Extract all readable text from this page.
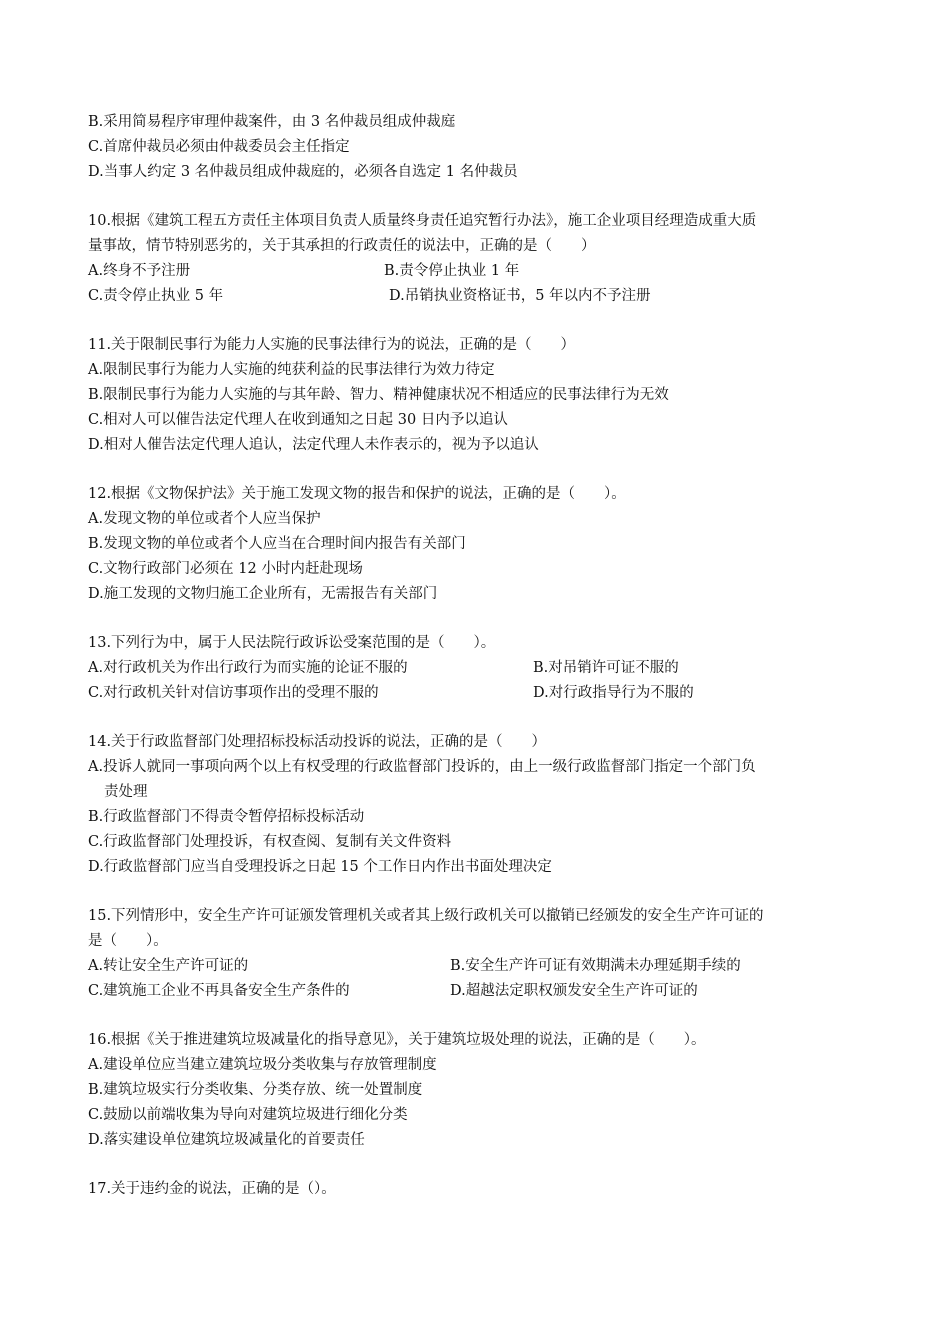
B.采用简易程序审理仲裁案件，由 3 名仲裁员组成仲裁庭
C.首席仲裁员必须由仲裁委员会主任指定
D.当事人约定 3 名仲裁员组成仲裁庭的，必须各自选定 1 名仲裁员
10.根据《建筑工程五方责任主体项目负责人质量终身责任追究暂行办法》，施工企业项目经理造成重大质
量事故，情节特别恶劣的，关于其承担的行政责任的说法中，正确的是（　　）
A.终身不予注册	B.责令停止执业 1 年
C.责令停止执业 5 年	D.吊销执业资格证书，5 年以内不予注册
11.关于限制民事行为能力人实施的民事法律行为的说法，正确的是（　　）
A.限制民事行为能力人实施的纯获利益的民事法律行为效力待定
B.限制民事行为能力人实施的与其年龄、智力、精神健康状况不相适应的民事法律行为无效
C.相对人可以催告法定代理人在收到通知之日起 30 日内予以追认
D.相对人催告法定代理人追认，法定代理人未作表示的，视为予以追认
12.根据《文物保护法》关于施工发现文物的报告和保护的说法，正确的是（　　）。
A.发现文物的单位或者个人应当保护
B.发现文物的单位或者个人应当在合理时间内报告有关部门
C.文物行政部门必须在 12 小时内赶赴现场
D.施工发现的文物归施工企业所有，无需报告有关部门
13.下列行为中，属于人民法院行政诉讼受案范围的是（　　）。
A.对行政机关为作出行政行为而实施的论证不服的	B.对吊销许可证不服的
C.对行政机关针对信访事项作出的受理不服的	D.对行政指导行为不服的
14.关于行政监督部门处理招标投标活动投诉的说法，正确的是（　　）
A.投诉人就同一事项向两个以上有权受理的行政监督部门投诉的，由上一级行政监督部门指定一个部门负
责处理
B.行政监督部门不得责令暂停招标投标活动
C.行政监督部门处理投诉，有权查阅、复制有关文件资料
D.行政监督部门应当自受理投诉之日起 15 个工作日内作出书面处理决定
15.下列情形中，安全生产许可证颁发管理机关或者其上级行政机关可以撤销已经颁发的安全生产许可证的
是（　　）。
A.转让安全生产许可证的	B.安全生产许可证有效期满未办理延期手续的
C.建筑施工企业不再具备安全生产条件的	D.超越法定职权颁发安全生产许可证的
16.根据《关于推进建筑垃圾减量化的指导意见》，关于建筑垃圾处理的说法，正确的是（　　）。
A.建设单位应当建立建筑垃圾分类收集与存放管理制度
B.建筑垃圾实行分类收集、分类存放、统一处置制度
C.鼓励以前端收集为导向对建筑垃圾进行细化分类
D.落实建设单位建筑垃圾减量化的首要责任
17.关于违约金的说法，正确的是（）。
